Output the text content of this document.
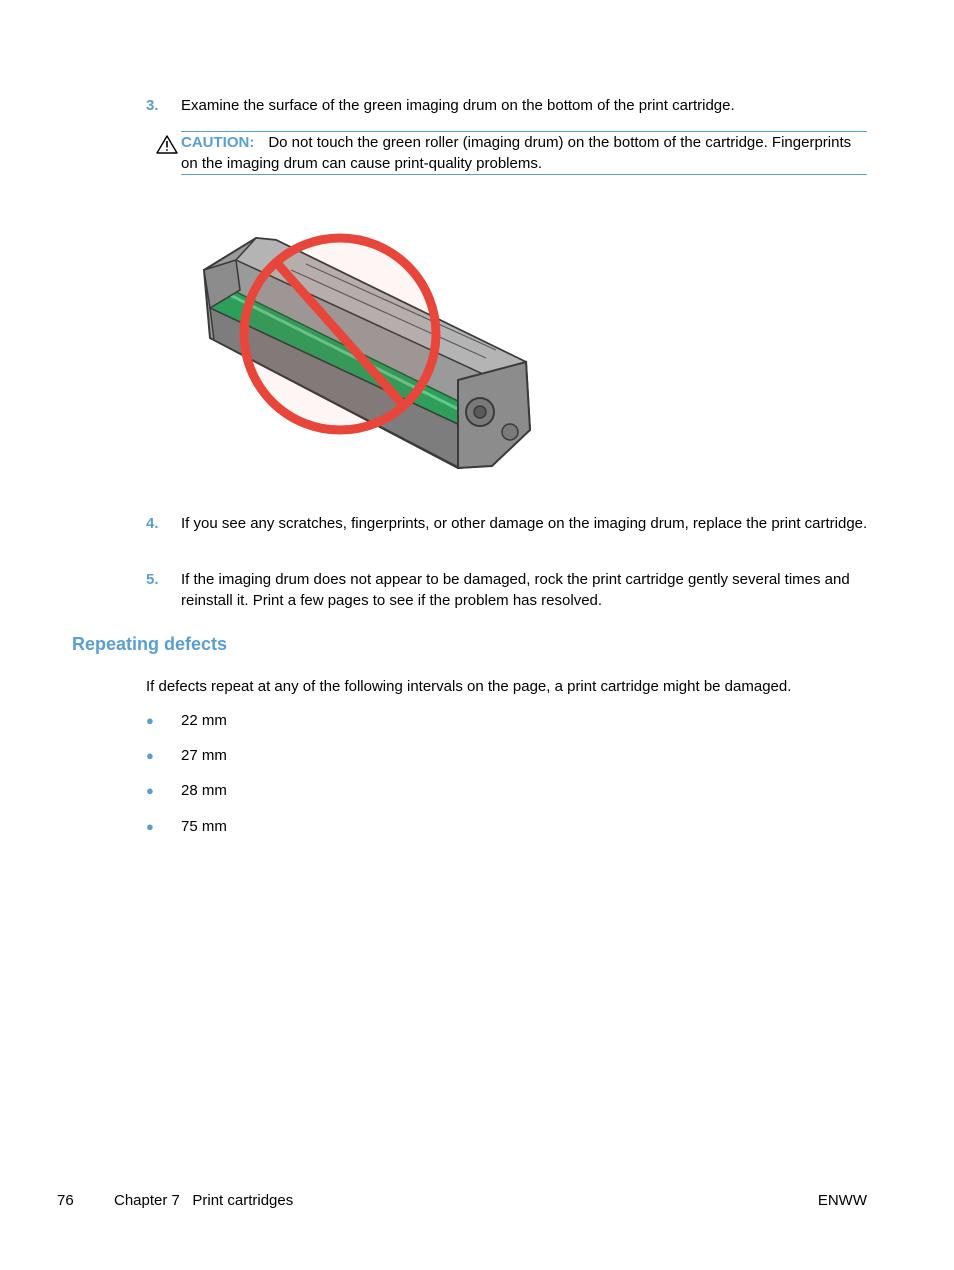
3. Examine the surface of the green imaging drum on the bottom of the print cartridge.
CAUTION: Do not touch the green roller (imaging drum) on the bottom of the cartridge. Fingerprints on the imaging drum can cause print-quality problems.
4. If you see any scratches, fingerprints, or other damage on the imaging drum, replace the print cartridge.
5. If the imaging drum does not appear to be damaged, rock the print cartridge gently several times and reinstall it. Print a few pages to see if the problem has resolved.
Repeating defects
If defects repeat at any of the following intervals on the page, a print cartridge might be damaged.
● 22 mm
● 27 mm
● 28 mm
● 75 mm
76	Chapter 7   Print cartridges	ENWW
